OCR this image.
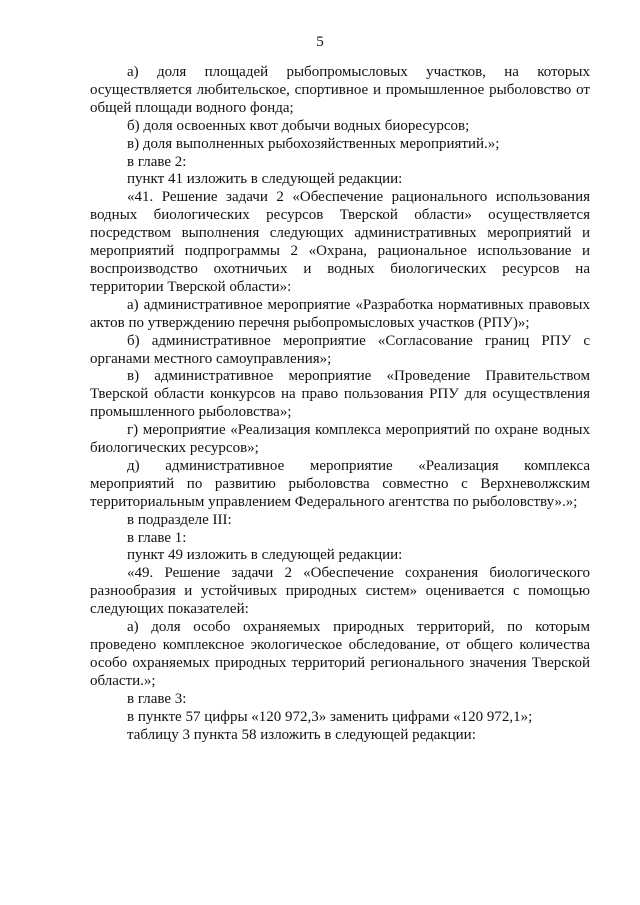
5

а) доля площадей рыбопромысловых участков, на которых осуществляется любительское, спортивное и промышленное рыболовство от общей площади водного фонда;

б) доля освоенных квот добычи водных биоресурсов;

в) доля выполненных рыбохозяйственных мероприятий.»;

в главе 2:

пункт 41 изложить в следующей редакции:

«41. Решение задачи 2 «Обеспечение рационального использования водных биологических ресурсов Тверской области» осуществляется посредством выполнения следующих административных мероприятий и мероприятий подпрограммы 2 «Охрана, рациональное использование и воспроизводство охотничьих и водных биологических ресурсов на территории Тверской области»:

а) административное мероприятие «Разработка нормативных правовых актов по утверждению перечня рыбопромысловых участков (РПУ)»;

б) административное мероприятие «Согласование границ РПУ с органами местного самоуправления»;

в) административное мероприятие «Проведение Правительством Тверской области конкурсов на право пользования РПУ для осуществления промышленного рыболовства»;

г) мероприятие «Реализация комплекса мероприятий по охране водных биологических ресурсов»;

д) административное мероприятие «Реализация комплекса мероприятий по развитию рыболовства совместно с Верхневолжским территориальным управлением Федерального агентства по рыболовству».»;

в подразделе III:

в главе 1:

пункт 49 изложить в следующей редакции:

«49. Решение задачи 2 «Обеспечение сохранения биологического разнообразия и устойчивых природных систем» оценивается с помощью следующих показателей:

а) доля особо охраняемых природных территорий, по которым проведено комплексное экологическое обследование, от общего количества особо охраняемых природных территорий регионального значения Тверской области.»;

в главе 3:

в пункте 57 цифры «120 972,3» заменить цифрами «120 972,1»;

таблицу 3 пункта 58 изложить в следующей редакции:
